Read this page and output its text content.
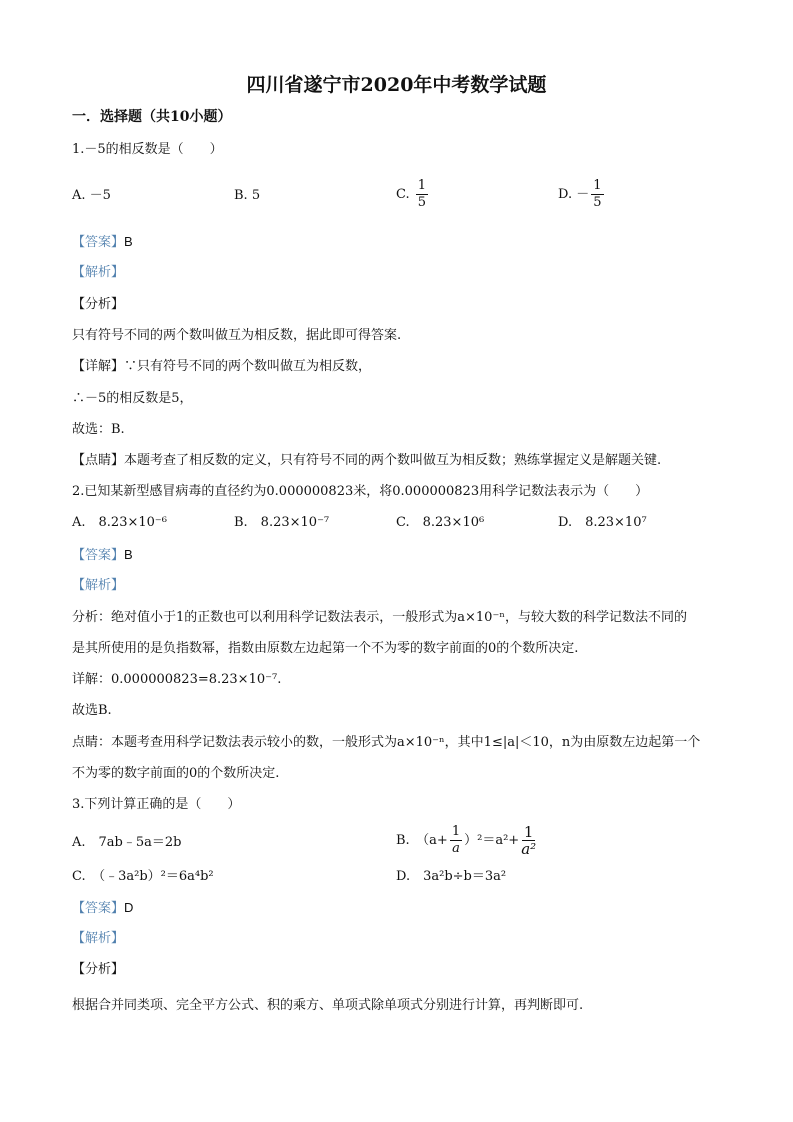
四川省遂宁市2020年中考数学试题
一．选择题（共10小题）
1.－5的相反数是（　　）
A. －5	B. 5	C. $\frac{1}{5}$	D. － $\frac{1}{5}$
【答案】B
【解析】
【分析】
只有符号不同的两个数叫做互为相反数，据此即可得答案.
【详解】∵只有符号不同的两个数叫做互为相反数，
∴－5的相反数是5，
故选：B.
【点睛】本题考查了相反数的定义，只有符号不同的两个数叫做互为相反数；熟练掌握定义是解题关键.
2.已知某新型感冒病毒的直径约为0.000000823米，将0.000000823用科学记数法表示为（　　）
A.　8.23×10⁻⁶	B.　8.23×10⁻⁷	C.　8.23×10⁶	D.　8.23×10⁷
【答案】B
【解析】
分析：绝对值小于1的正数也可以利用科学记数法表示，一般形式为a×10⁻ⁿ，与较大数的科学记数法不同的
是其所使用的是负指数幂，指数由原数左边起第一个不为零的数字前面的0的个数所决定.
详解：0.000000823=8.23×10⁻⁷.
故选B.
点睛：本题考查用科学记数法表示较小的数，一般形式为a×10⁻ⁿ，其中1≤|a|＜10，n为由原数左边起第一个
不为零的数字前面的0的个数所决定.
3.下列计算正确的是（　　）
A.　7ab﹣5a＝2b	B.　$(a+ \frac{1}{a} )^2=a^2+ \frac{1}{\text{a²}}$
C.　（﹣3a²b）²＝6a⁴b²	D.　3a²b÷b＝3a²
【答案】D
【解析】
【分析】
根据合并同类项、完全平方公式、积的乘方、单项式除单项式分别进行计算，再判断即可.
